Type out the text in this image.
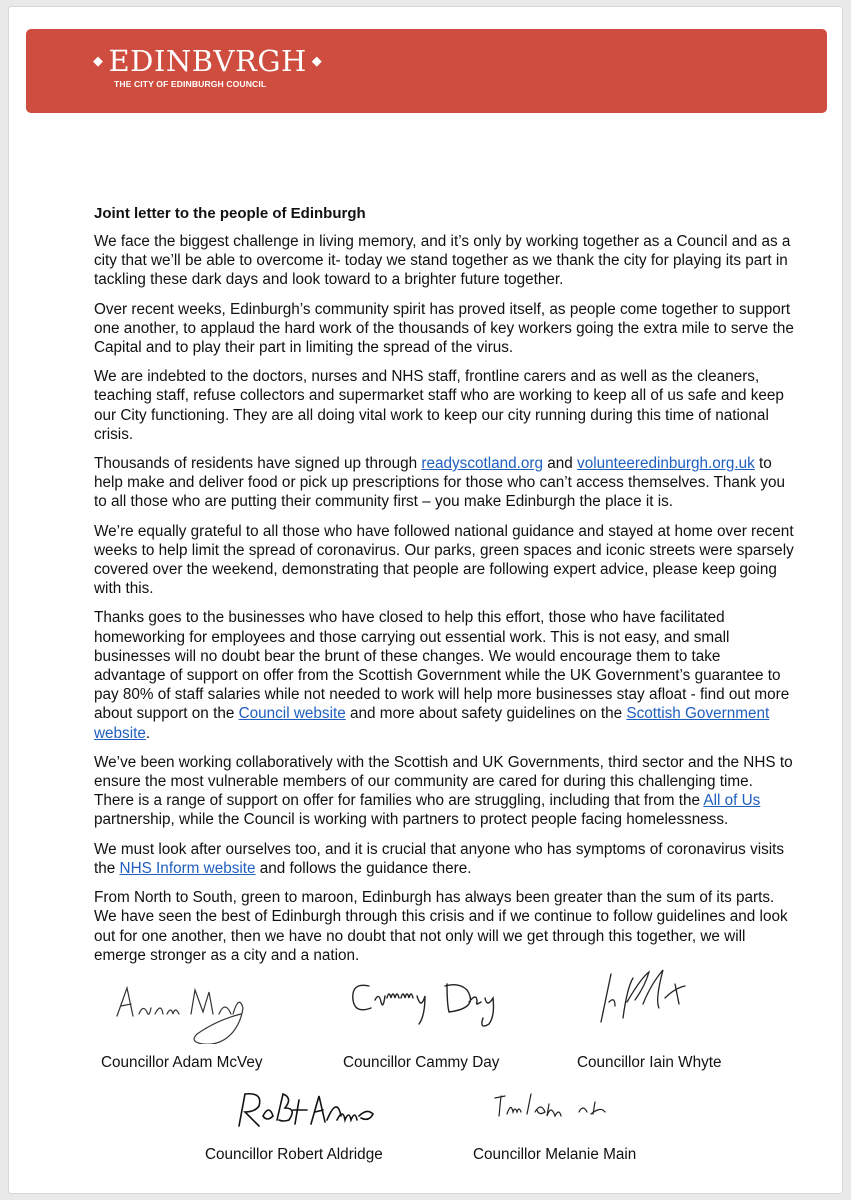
◆ EDINBVRGH ◆
THE CITY OF EDINBURGH COUNCIL
Joint letter to the people of Edinburgh

We face the biggest challenge in living memory, and it’s only by working together as a Council and as a city that we’ll be able to overcome it- today we stand together as we thank the city for playing its part in tackling these dark days and look toward to a brighter future together.

Over recent weeks, Edinburgh’s community spirit has proved itself, as people come together to support one another, to applaud the hard work of the thousands of key workers going the extra mile to serve the Capital and to play their part in limiting the spread of the virus.

We are indebted to the doctors, nurses and NHS staff, frontline carers and as well as the cleaners, teaching staff, refuse collectors and supermarket staff who are working to keep all of us safe and keep our City functioning. They are all doing vital work to keep our city running during this time of national crisis.

Thousands of residents have signed up through readyscotland.org and volunteeredinburgh.org.uk to help make and deliver food or pick up prescriptions for those who can’t access themselves. Thank you to all those who are putting their community first – you make Edinburgh the place it is.

We’re equally grateful to all those who have followed national guidance and stayed at home over recent weeks to help limit the spread of coronavirus. Our parks, green spaces and iconic streets were sparsely covered over the weekend, demonstrating that people are following expert advice, please keep going with this.

Thanks goes to the businesses who have closed to help this effort, those who have facilitated homeworking for employees and those carrying out essential work. This is not easy, and small businesses will no doubt bear the brunt of these changes. We would encourage them to take advantage of support on offer from the Scottish Government while the UK Government’s guarantee to pay 80% of staff salaries while not needed to work will help more businesses stay afloat - find out more about support on the Council website and more about safety guidelines on the Scottish Government website.

We’ve been working collaboratively with the Scottish and UK Governments, third sector and the NHS to ensure the most vulnerable members of our community are cared for during this challenging time. There is a range of support on offer for families who are struggling, including that from the All of Us partnership, while the Council is working with partners to protect people facing homelessness.

We must look after ourselves too, and it is crucial that anyone who has symptoms of coronavirus visits the NHS Inform website and follows the guidance there.

From North to South, green to maroon, Edinburgh has always been greater than the sum of its parts. We have seen the best of Edinburgh through this crisis and if we continue to follow guidelines and look out for one another, then we have no doubt that not only will we get through this together, we will emerge stronger as a city and a nation.

Councillor Adam McVey	Councillor Cammy Day	Councillor Iain Whyte
Councillor Robert Aldridge	Councillor Melanie Main
